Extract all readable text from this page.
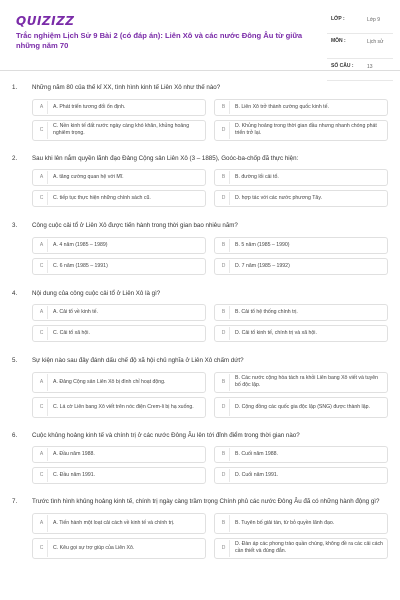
QUIZIZZ
Trắc nghiệm Lịch Sử 9 Bài 2 (có đáp án): Liên Xô và các nước Đông Âu từ giữa những năm 70
LỚP :	Lớp 9
MÔN :	Lịch sử
SỐ CÂU :	13
1.	Những năm 80 của thế kỉ XX, tình hình kinh tế Liên Xô như thế nào?
A	A. Phát triển tương đối ổn định.	B	B. Liên Xô trở thành cường quốc kinh tế.
C
C. Nền kinh tế đất nước ngày càng khó khăn, khủng hoảng nghiêm trọng.
D
D. Khủng hoảng trong thời gian đầu nhưng nhanh chóng phát triển trở lại.
2.	Sau khi lên nắm quyền lãnh đạo Đảng Cộng sản Liên Xô (3 – 1885), Goóc-ba-chốp đã thực hiện:
A	A. tăng cường quan hệ với Mĩ.	B	B. đường lối cải tổ.
C	C. tiếp tục thực hiện những chính sách cũ.	D	D. hợp tác với các nước phương Tây.
3.	Công cuộc cải tổ ở Liên Xô được tiến hành trong thời gian bao nhiêu năm?
A	A. 4 năm (1985 – 1989)	B	B. 5 năm (1985 – 1990)
C	C. 6 năm (1985 – 1991)	D	D. 7 năm (1985 – 1992)
4.	Nội dung của công cuộc cải tổ ở Liên Xô là gì?
A	A. Cải tổ về kinh tế.	B	B. Cải tổ hệ thống chính trị.
C	C. Cải tổ xã hội.	D	D. Cải tổ kinh tế, chính trị và xã hội.
5.	Sự kiện nào sau đây đánh dấu chế độ xã hội chủ nghĩa ở Liên Xô chấm dứt?
A	A. Đảng Cộng sản Liên Xô bị đình chỉ hoạt động.	B
B. Các nước cộng hòa tách ra khỏi Liên bang Xô viết và tuyên bố độc lập.
C	C. Lá cờ Liên bang Xô viết trên nóc điện Crem-li bị hạ xuống.	D	D. Cộng đồng các quốc gia độc lập (SNG) được thành lập.
6.	Cuộc khủng hoảng kinh tế và chính trị ở các nước Đông Âu lên tới đỉnh điểm trong thời gian nào?
A	A. Đầu năm 1988.	B	B. Cuối năm 1988.
C	C. Đầu năm 1991.	D	D. Cuối năm 1991.
7.	Trước tình hình khủng hoảng kinh tế, chính trị ngày càng trầm trọng Chính phủ các nước Đông Âu đã có những hành động gì?
A	A. Tiến hành một loạt cải cách về kinh tế và chính trị.	B	B. Tuyên bố giải tán, từ bỏ quyền lãnh đạo.
C	C. Kêu gọi sự trợ giúp của Liên Xô.	D
D. Đàn áp các phong trào quần chúng, không đề ra các cải cách cần thiết và đúng đắn.
